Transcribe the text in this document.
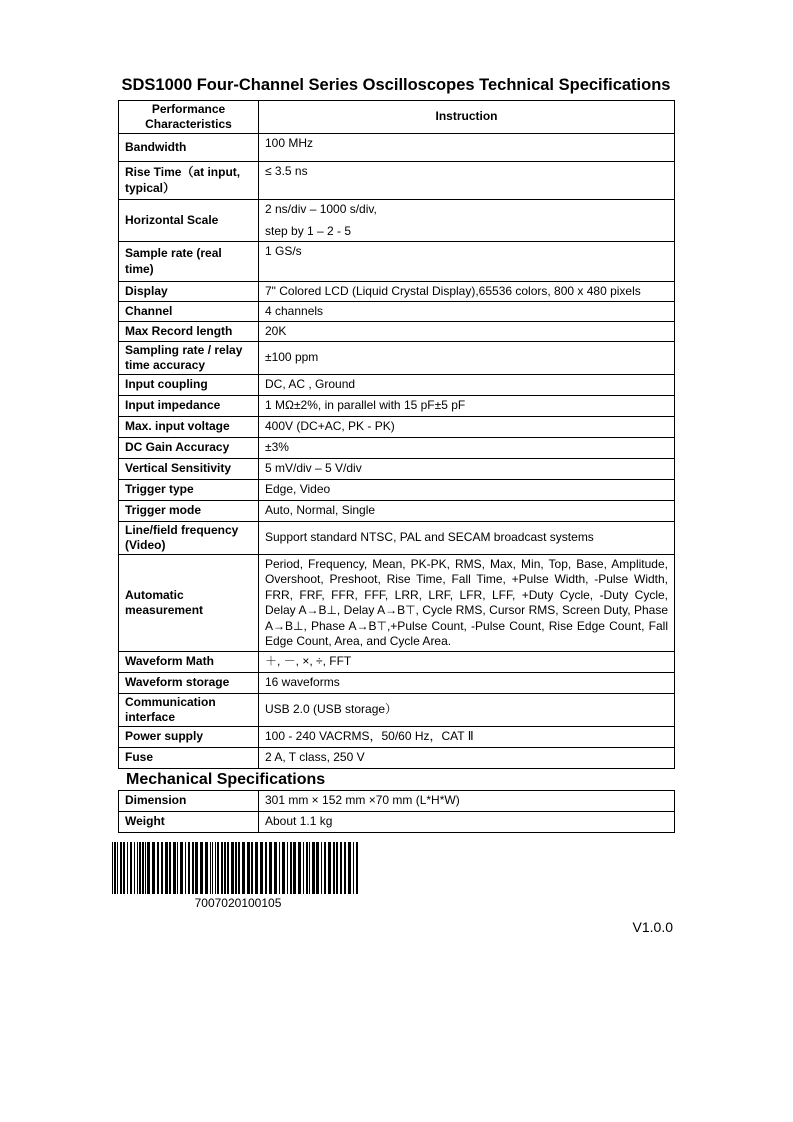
SDS1000 Four-Channel Series Oscilloscopes Technical Specifications
Performance Characteristics	Instruction
Bandwidth	100 MHz
Rise Time（at input, typical）	≤ 3.5 ns
Horizontal Scale	2 ns/div – 1000 s/div,
step by 1 – 2 - 5

Sample rate (real time)	1 GS/s
Display	7" Colored LCD (Liquid Crystal Display),65536 colors, 800 x 480 pixels
Channel	4 channels
Max Record length	20K
Sampling rate / relay time accuracy	±100 ppm
Input coupling	DC, AC , Ground
Input impedance	1 MΩ±2%, in parallel with 15 pF±5 pF
Max. input voltage	400V (DC+AC, PK - PK)
DC Gain Accuracy	±3%
Vertical Sensitivity	5 mV/div – 5 V/div
Trigger type	Edge, Video
Trigger mode	Auto, Normal, Single
Line/field frequency (Video)	Support standard NTSC, PAL and SECAM broadcast systems
Automatic measurement	Period, Frequency, Mean, PK-PK, RMS, Max, Min, Top, Base, Amplitude, Overshoot, Preshoot, Rise Time, Fall Time, +Pulse Width, -Pulse Width, FRR, FRF, FFR, FFF, LRR, LRF, LFR, LFF, +Duty Cycle, -Duty Cycle, Delay A→B⊥, Delay A→B⊤, Cycle RMS, Cursor RMS, Screen Duty, Phase A→B⊥, Phase A→B⊤,+Pulse Count, -Pulse Count, Rise Edge Count, Fall Edge Count, Area, and Cycle Area.
Waveform Math	＋, －, ×, ÷, FFT
Waveform storage	16 waveforms
Communication interface	USB 2.0 (USB storage）
Power supply	100 - 240 VACRMS，50/60 Hz，CAT Ⅱ
Fuse	2 A, T class, 250 V
Mechanical Specifications
Dimension	301 mm × 152 mm ×70 mm (L*H*W)
Weight	About 1.1 kg
7007020100105
V1.0.0
